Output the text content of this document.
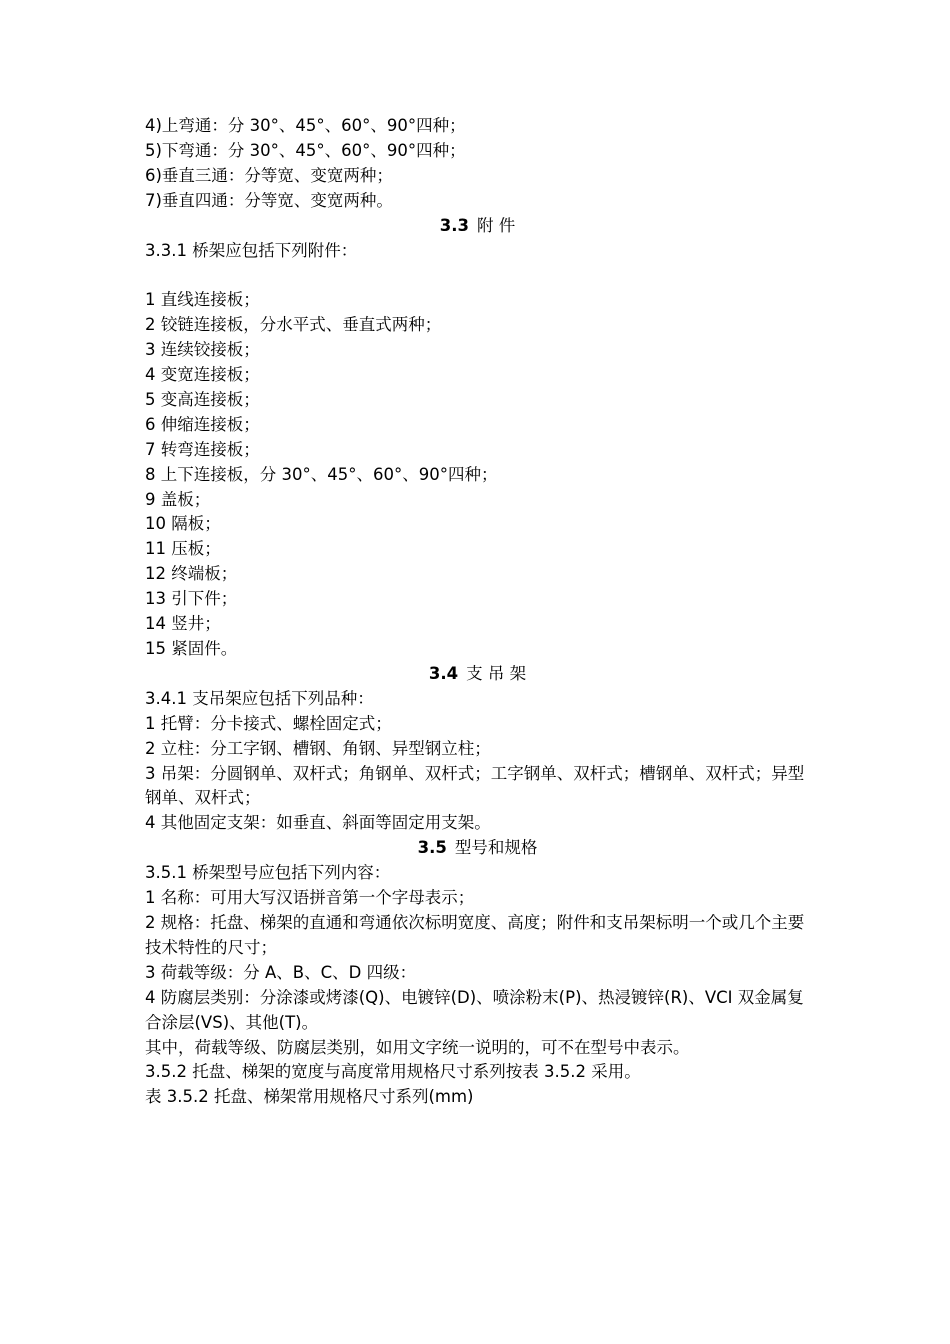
4)上弯通：分 30°、45°、60°、90°四种；
5)下弯通：分 30°、45°、60°、90°四种；
6)垂直三通：分等宽、变宽两种；
7)垂直四通：分等宽、变宽两种。
3.3 附 件
3.3.1 桥架应包括下列附件：
1 直线连接板；
2 铰链连接板，分水平式、垂直式两种；
3 连续铰接板；
4 变宽连接板；
5 变高连接板；
6 伸缩连接板；
7 转弯连接板；
8 上下连接板，分 30°、45°、60°、90°四种；
9 盖板；
10 隔板；
11 压板；
12 终端板；
13 引下件；
14 竖井；
15 紧固件。
3.4 支 吊 架
3.4.1 支吊架应包括下列品种：
1 托臂：分卡接式、螺栓固定式；
2 立柱：分工字钢、槽钢、角钢、异型钢立柱；
3 吊架：分圆钢单、双杆式；角钢单、双杆式；工字钢单、双杆式；槽钢单、双杆式；异型钢单、双杆式；
4 其他固定支架：如垂直、斜面等固定用支架。
3.5 型号和规格
3.5.1 桥架型号应包括下列内容：
1 名称：可用大写汉语拼音第一个字母表示；
2 规格：托盘、梯架的直通和弯通依次标明宽度、高度；附件和支吊架标明一个或几个主要技术特性的尺寸；
3 荷载等级：分 A、B、C、D 四级：
4 防腐层类别：分涂漆或烤漆(Q)、电镀锌(D)、喷涂粉末(P)、热浸镀锌(R)、VCI 双金属复合涂层(VS)、其他(T)。
其中，荷载等级、防腐层类别，如用文字统一说明的，可不在型号中表示。
3.5.2 托盘、梯架的宽度与高度常用规格尺寸系列按表 3.5.2 采用。
表 3.5.2 托盘、梯架常用规格尺寸系列(mm)
